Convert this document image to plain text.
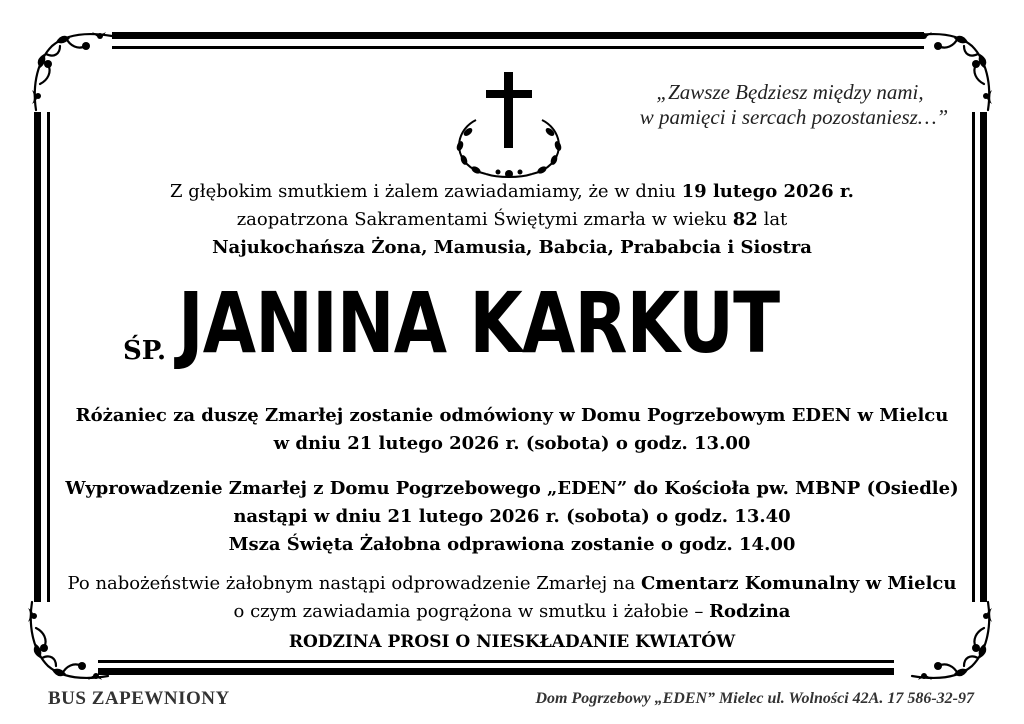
„Zawsze Będziesz między nami,
w pamięci i sercach pozostaniesz…”
Z głębokim smutkiem i żalem zawiadamiamy, że w dniu 19 lutego 2026 r.
zaopatrzona Sakramentami Świętymi zmarła w wieku 82 lat
Najukochańsza Żona, Mamusia, Babcia, Prababcia i Siostra
ŚP. JANINA KARKUT
Różaniec za duszę Zmarłej zostanie odmówiony w Domu Pogrzebowym EDEN w Mielcu
w dniu 21 lutego 2026 r. (sobota) o godz. 13.00
Wyprowadzenie Zmarłej z Domu Pogrzebowego „EDEN” do Kościoła pw. MBNP (Osiedle)
nastąpi w dniu 21 lutego 2026 r. (sobota) o godz. 13.40
Msza Święta Żałobna odprawiona zostanie o godz. 14.00
Po nabożeństwie żałobnym nastąpi odprowadzenie Zmarłej na Cmentarz Komunalny w Mielcu
o czym zawiadamia pogrążona w smutku i żałobie – Rodzina
RODZINA PROSI O NIESKŁADANIE KWIATÓW
BUS ZAPEWNIONY	Dom Pogrzebowy „EDEN” Mielec ul. Wolności 42A. 17 586-32-97
